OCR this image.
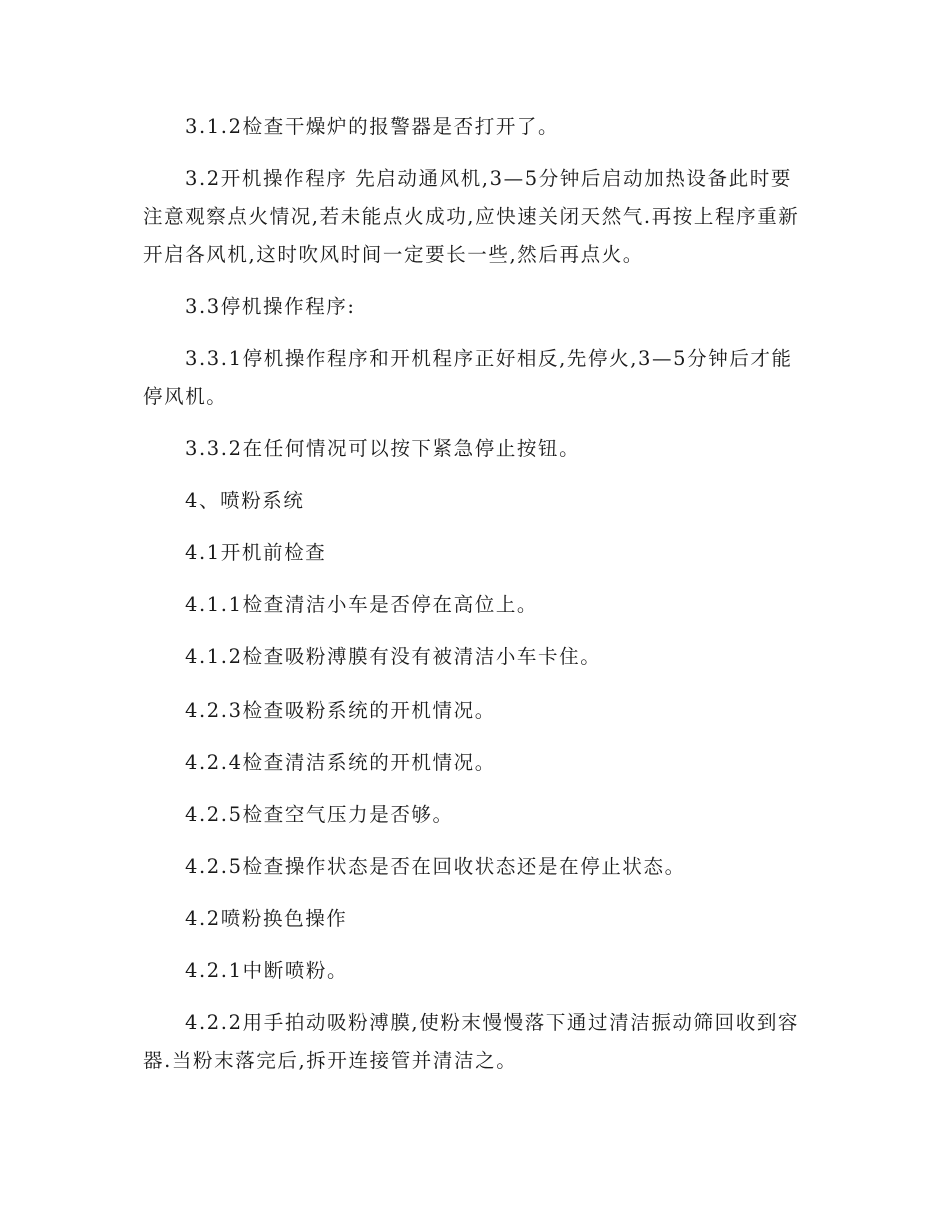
3.1.2检查干燥炉的报警器是否打开了。

3.2开机操作程序 先启动通风机,3—5分钟后启动加热设备此时要注意观察点火情况,若未能点火成功,应快速关闭天然气.再按上程序重新开启各风机,这时吹风时间一定要长一些,然后再点火。

3.3停机操作程序:

3.3.1停机操作程序和开机程序正好相反,先停火,3—5分钟后才能停风机。

3.3.2在任何情况可以按下紧急停止按钮。

4、喷粉系统

4.1开机前检查

4.1.1检查清洁小车是否停在高位上。

4.1.2检查吸粉溥膜有没有被清洁小车卡住。

4.2.3检查吸粉系统的开机情况。

4.2.4检查清洁系统的开机情况。

4.2.5检查空气压力是否够。

4.2.5检查操作状态是否在回收状态还是在停止状态。

4.2喷粉换色操作

4.2.1中断喷粉。

4.2.2用手拍动吸粉溥膜,使粉末慢慢落下通过清洁振动筛回收到容器.当粉末落完后,拆开连接管并清洁之。
